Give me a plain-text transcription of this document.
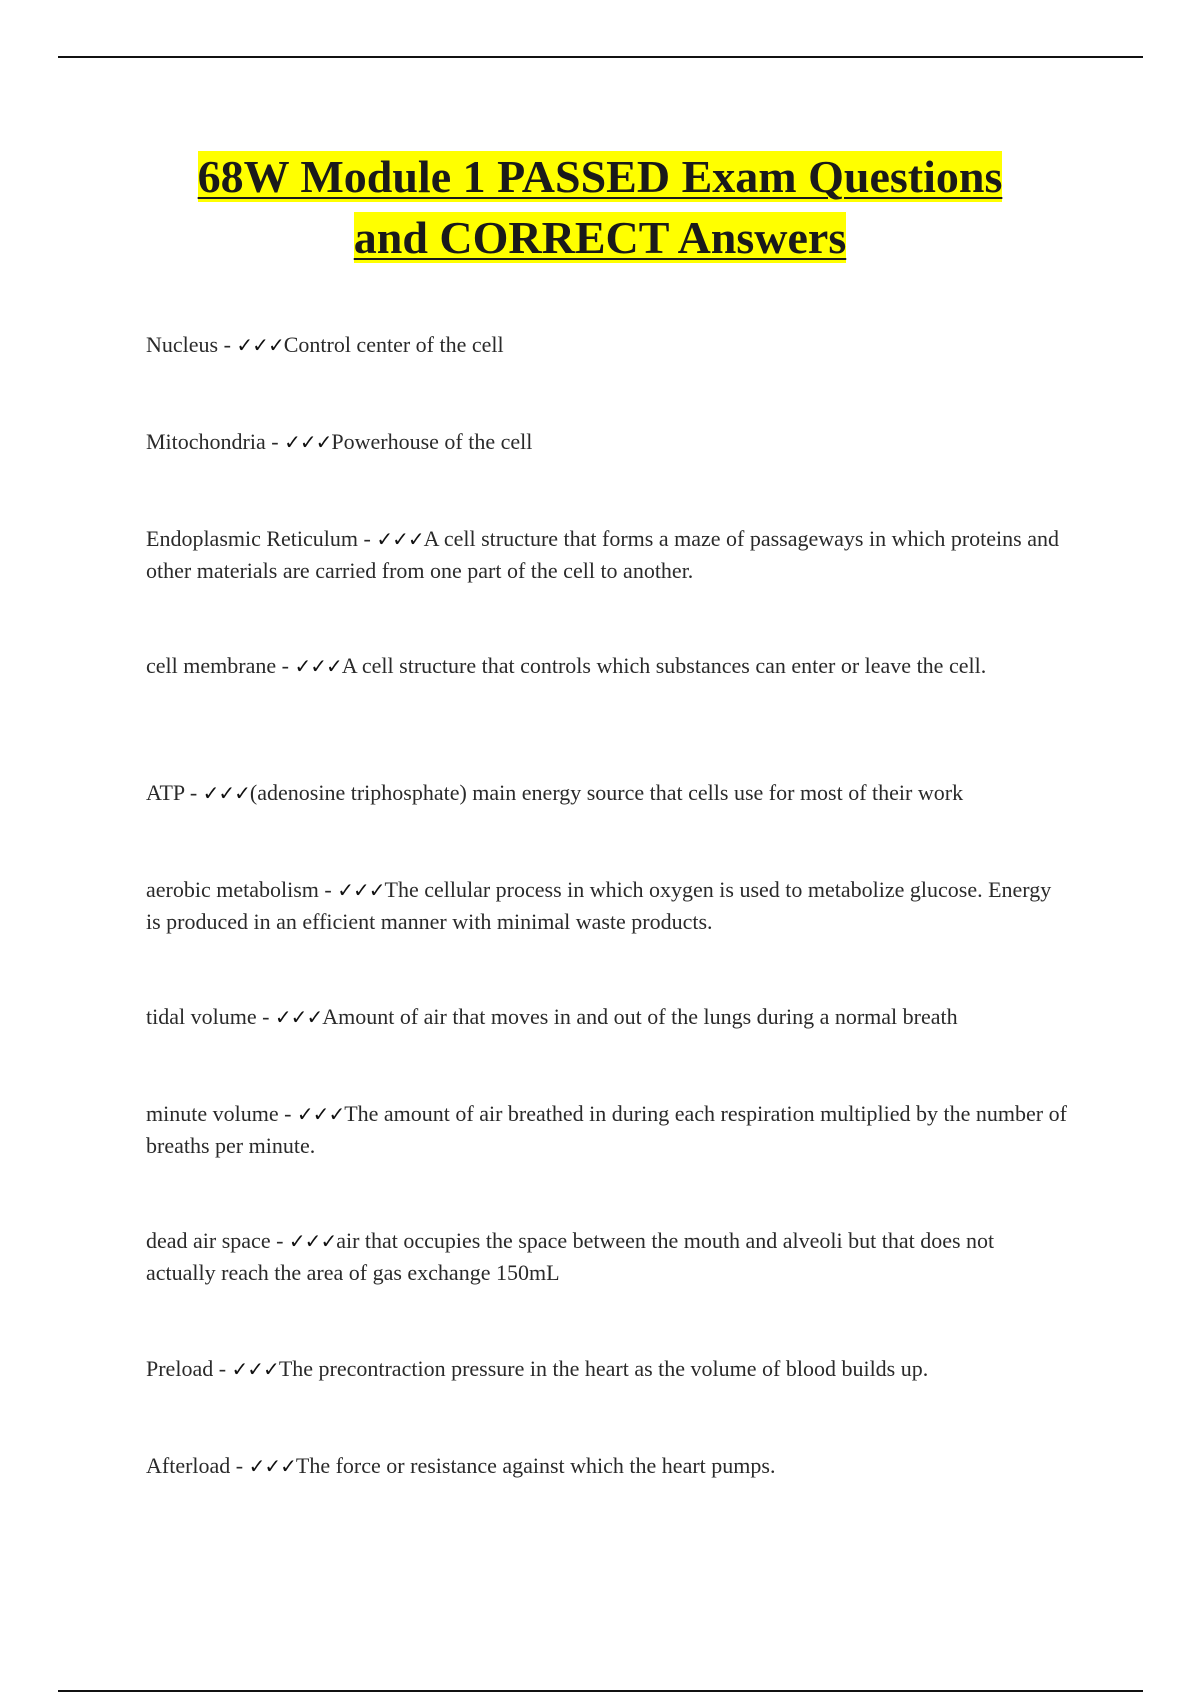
68W Module 1 PASSED Exam Questions
and CORRECT Answers

Nucleus - ✓✓✓Control center of the cell

Mitochondria - ✓✓✓Powerhouse of the cell

Endoplasmic Reticulum - ✓✓✓A cell structure that forms a maze of passageways in which proteins and other materials are carried from one part of the cell to another.

cell membrane - ✓✓✓A cell structure that controls which substances can enter or leave the cell.

ATP - ✓✓✓(adenosine triphosphate) main energy source that cells use for most of their work

aerobic metabolism - ✓✓✓The cellular process in which oxygen is used to metabolize glucose. Energy is produced in an efficient manner with minimal waste products.

tidal volume - ✓✓✓Amount of air that moves in and out of the lungs during a normal breath

minute volume - ✓✓✓The amount of air breathed in during each respiration multiplied by the number of breaths per minute.

dead air space - ✓✓✓air that occupies the space between the mouth and alveoli but that does not actually reach the area of gas exchange 150mL

Preload - ✓✓✓The precontraction pressure in the heart as the volume of blood builds up.

Afterload - ✓✓✓The force or resistance against which the heart pumps.
